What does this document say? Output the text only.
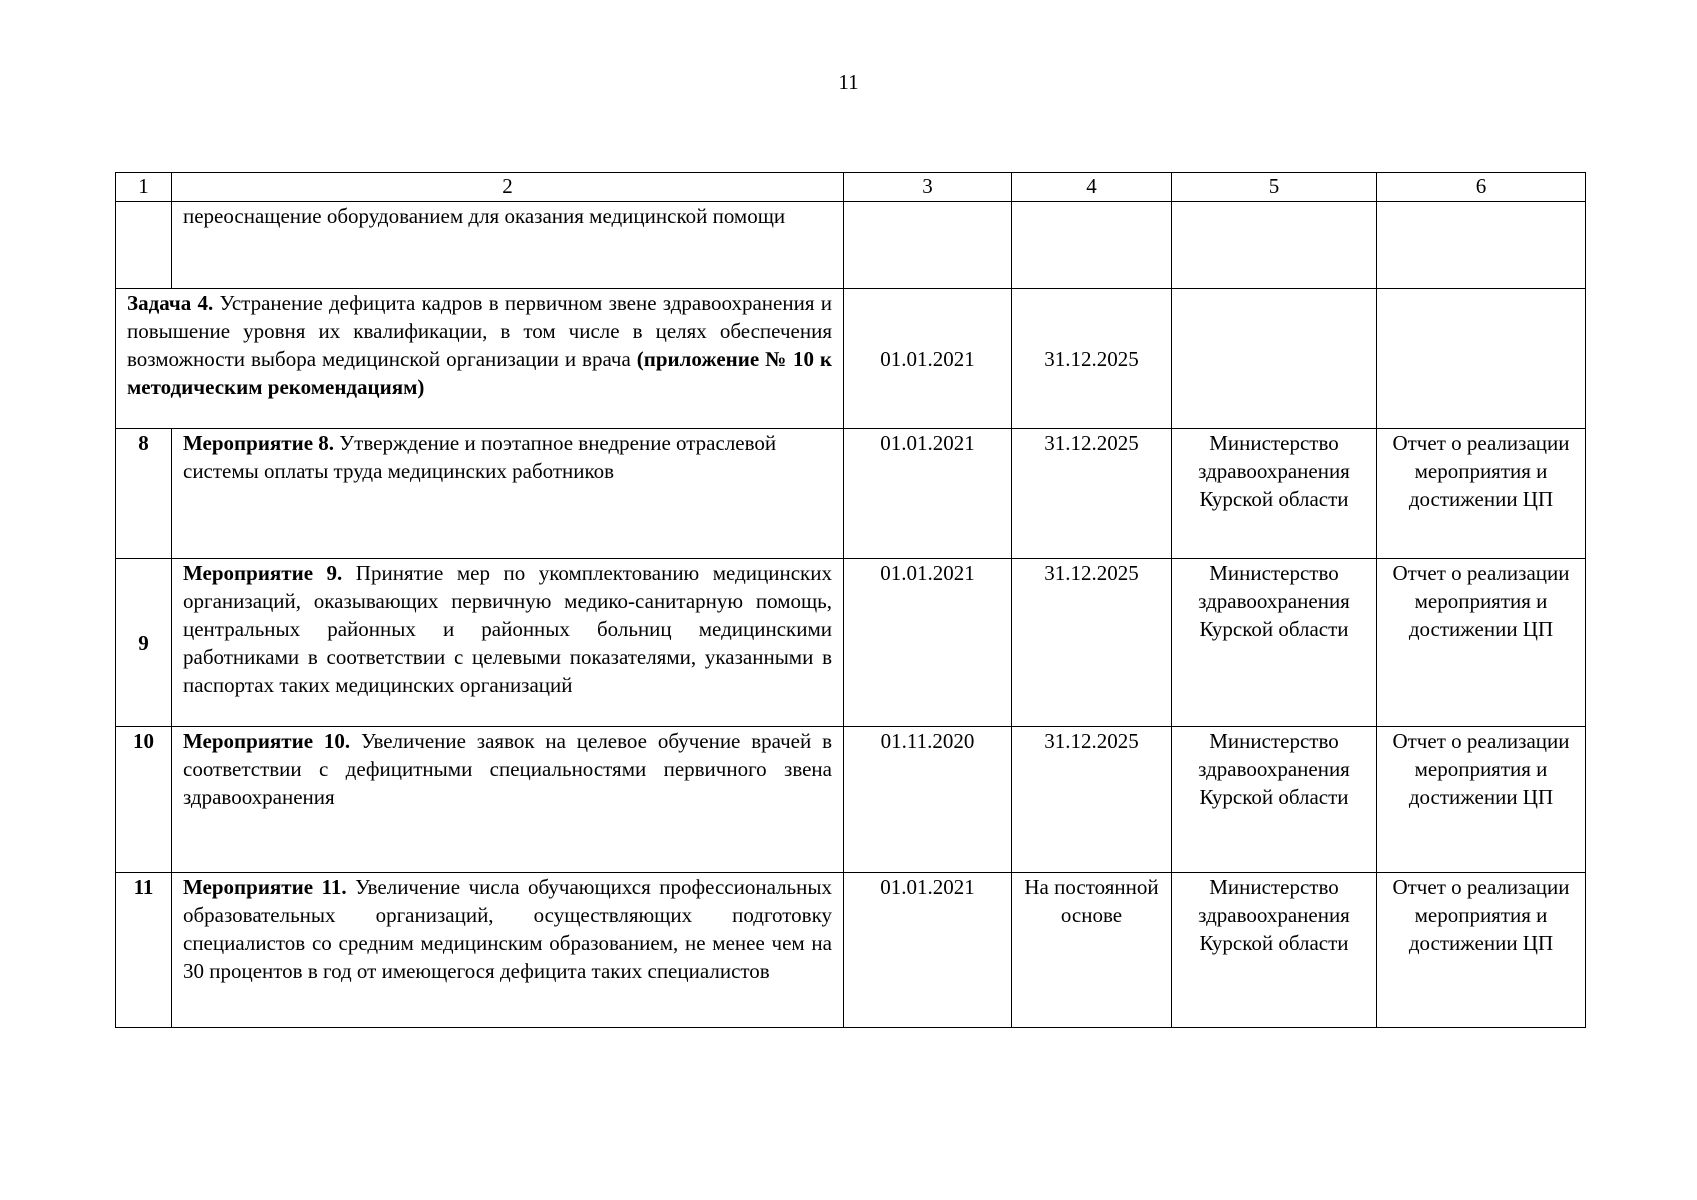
11
1	2	3	4	5	6
	переоснащение оборудованием для оказания медицинской помощи				
Задача 4. Устранение дефицита кадров в первичном звене здравоохранения и повышение уровня их квалификации, в том числе в целях обеспечения возможности выбора медицинской организации и врача (приложение № 10 к методическим рекомендациям)		01.01.2021	31.12.2025		
8	Мероприятие 8. Утверждение и поэтапное внедрение отраслевой системы оплаты труда медицинских работников	01.01.2021	31.12.2025	Министерство здравоохранения Курской области	Отчет о реализации мероприятия и достижении ЦП
9	Мероприятие 9. Принятие мер по укомплектованию медицинских организаций, оказывающих первичную медико-санитарную помощь, центральных районных и районных больниц медицинскими работниками в соответствии с целевыми показателями, указанными в паспортах таких медицинских организаций	01.01.2021	31.12.2025	Министерство здравоохранения Курской области	Отчет о реализации мероприятия и достижении ЦП
10	Мероприятие 10. Увеличение заявок на целевое обучение врачей в соответствии с дефицитными специальностями первичного звена здравоохранения	01.11.2020	31.12.2025	Министерство здравоохранения Курской области	Отчет о реализации мероприятия и достижении ЦП
11	Мероприятие 11. Увеличение числа обучающихся профессиональных образовательных организаций, осуществляющих подготовку специалистов со средним медицинским образованием, не менее чем на 30 процентов в год от имеющегося дефицита таких специалистов	01.01.2021	На постоянной основе	Министерство здравоохранения Курской области	Отчет о реализации мероприятия и достижении ЦП
